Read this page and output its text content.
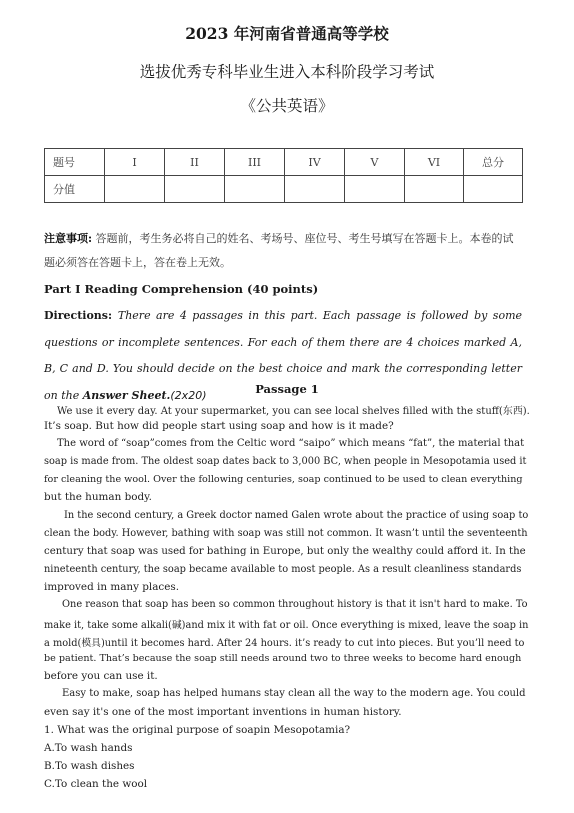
2023 年河南省普通高等学校
选拔优秀专科毕业生进入本科阶段学习考试
《公共英语》
题号	I	II	III	IV	V	VI	总分
分值							
注意事项: 答题前，考生务必将自己的姓名、考场号、座位号、考生号填写在答题卡上。本卷的试题必须答在答题卡上，答在卷上无效。
Part I Reading Comprehension (40 points)
Directions: There are 4 passages in this part. Each passage is followed by some questions or incomplete sentences. For each of them there are 4 choices marked A, B, C and D. You should decide on the best choice and mark the corresponding letter on the Answer Sheet.(2x20)	Passage 1
We use it every day. At your supermarket, you can see local shelves filled with the stuff(东西).
It’s soap. But how did people start using soap and how is it made?
The word of “soap”comes from the Celtic word “saipo” which means “fat”, the material that
soap is made from. The oldest soap dates back to 3,000 BC, when people in Mesopotamia used it
for cleaning the wool. Over the following centuries, soap continued to be used to clean everything
but the human body.
In the second century, a Greek doctor named Galen wrote about the practice of using soap to
clean the body. However, bathing with soap was still not common. It wasn’t until the seventeenth
century that soap was used for bathing in Europe, but only the wealthy could afford it. In the
nineteenth century, the soap became available to most people. As a result cleanliness standards
improved in many places.
One reason that soap has been so common throughout history is that it isn't hard to make. To
make it, take some alkali(碱)and mix it with fat or oil. Once everything is mixed, leave the soap in
a mold(模具)until it becomes hard. After 24 hours. it’s ready to cut into pieces. But you’ll need to
be patient. That’s because the soap still needs around two to three weeks to become hard enough
before you can use it.
Easy to make, soap has helped humans stay clean all the way to the modern age. You could
even say it's one of the most important inventions in human history.
1. What was the original purpose of soapin Mesopotamia?
A.To wash hands
B.To wash dishes
C.To clean the wool
